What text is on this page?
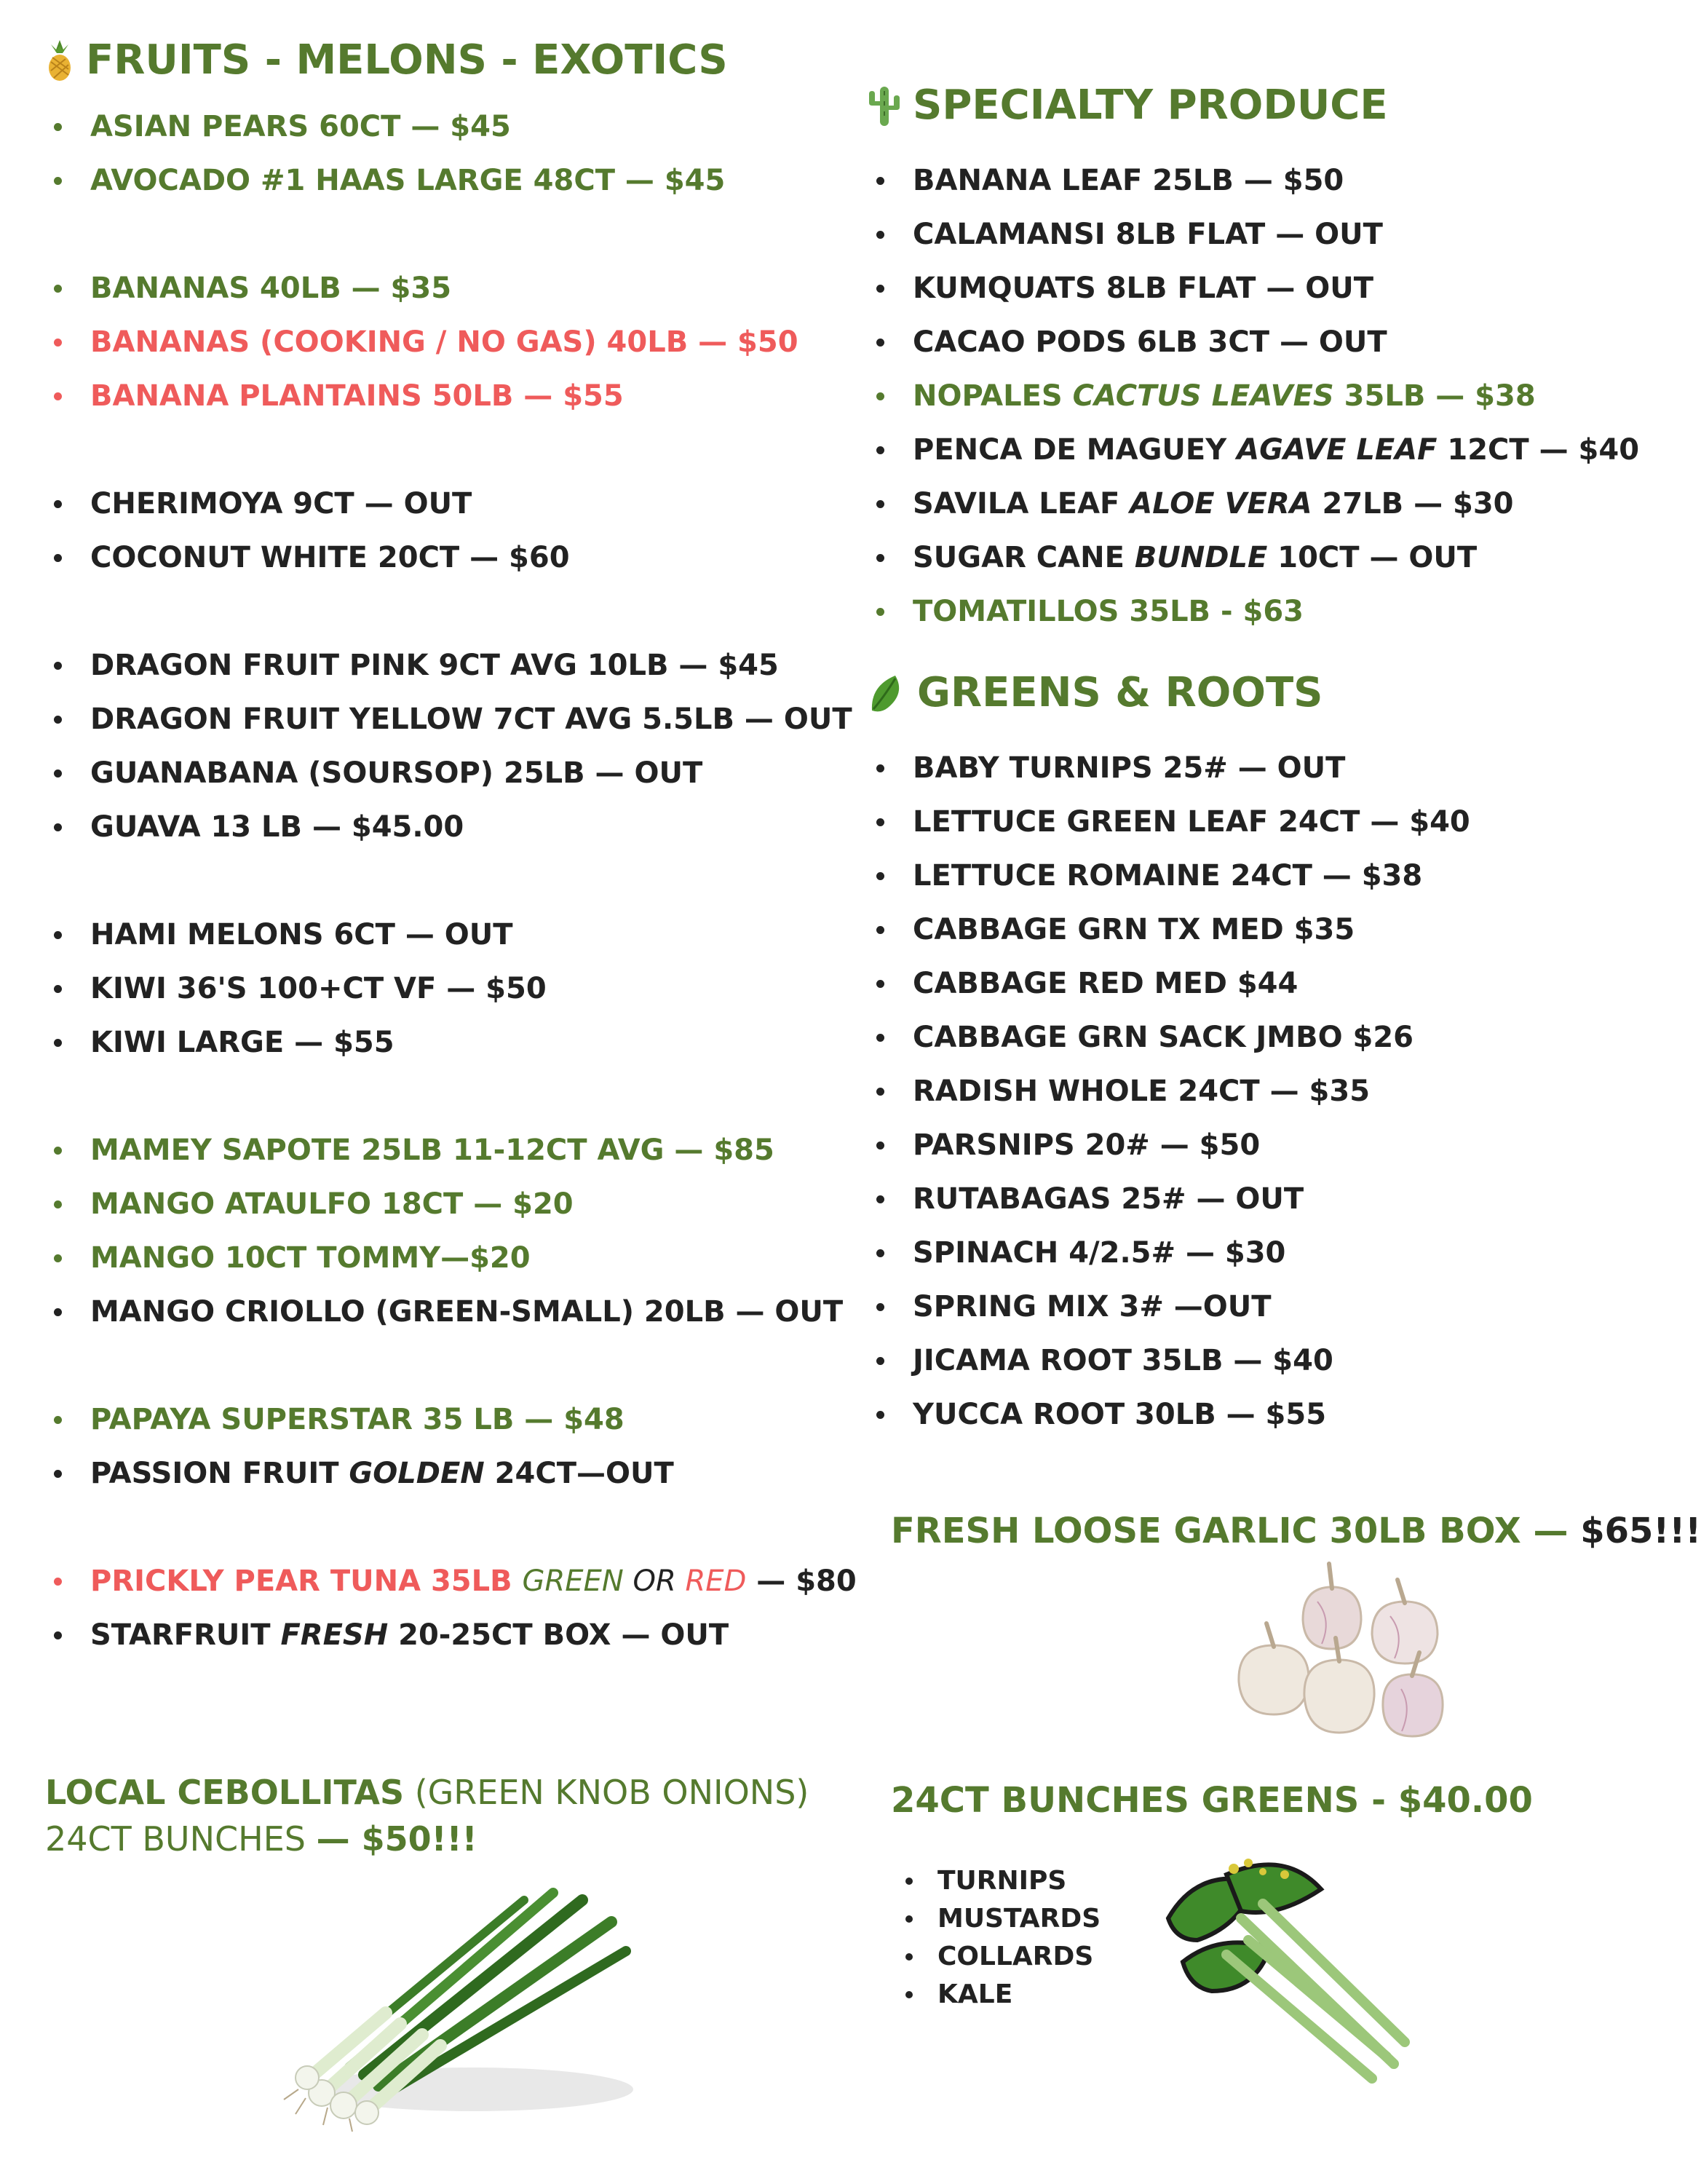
FRUITS - MELONS - EXOTICS
ASIAN PEARS 60CT — $45
AVOCADO #1 HAAS LARGE 48CT — $45
BANANAS 40LB — $35
BANANAS (COOKING / NO GAS) 40LB — $50
BANANA PLANTAINS 50LB — $55
CHERIMOYA 9CT — OUT
COCONUT WHITE 20CT — $60
DRAGON FRUIT PINK 9CT AVG 10LB — $45
DRAGON FRUIT YELLOW 7CT AVG 5.5LB — OUT
GUANABANA (SOURSOP) 25LB — OUT
GUAVA 13 LB — $45.00
HAMI MELONS 6CT — OUT
KIWI 36'S 100+CT VF — $50
KIWI LARGE — $55
MAMEY SAPOTE 25LB 11-12CT AVG — $85
MANGO ATAULFO 18CT — $20
MANGO 10CT TOMMY—$20
MANGO CRIOLLO (GREEN-SMALL) 20LB — OUT
PAPAYA SUPERSTAR 35 LB — $48
PASSION FRUIT GOLDEN 24CT—OUT
PRICKLY PEAR TUNA 35LB GREEN OR RED — $80
STARFRUIT FRESH 20-25CT BOX — OUT
SPECIALTY PRODUCE
BANANA LEAF 25LB — $50
CALAMANSI 8LB FLAT — OUT
KUMQUATS 8LB FLAT — OUT
CACAO PODS 6LB 3CT — OUT
NOPALES CACTUS LEAVES 35LB — $38
PENCA DE MAGUEY AGAVE LEAF 12CT — $40
SAVILA LEAF ALOE VERA 27LB — $30
SUGAR CANE BUNDLE 10CT — OUT
TOMATILLOS 35LB - $63
GREENS & ROOTS
BABY TURNIPS 25# — OUT
LETTUCE GREEN LEAF 24CT — $40
LETTUCE ROMAINE 24CT — $38
CABBAGE GRN TX MED $35
CABBAGE RED MED $44
CABBAGE GRN SACK JMBO $26
RADISH WHOLE 24CT — $35
PARSNIPS 20# — $50
RUTABAGAS 25# — OUT
SPINACH 4/2.5# — $30
SPRING MIX 3# —OUT
JICAMA ROOT 35LB — $40
YUCCA ROOT 30LB — $55
FRESH LOOSE GARLIC 30LB BOX — $65!!!
24CT BUNCHES GREENS - $40.00
TURNIPS
MUSTARDS
COLLARDS
KALE
LOCAL CEBOLLITAS (GREEN KNOB ONIONS)
24CT BUNCHES — $50!!!
